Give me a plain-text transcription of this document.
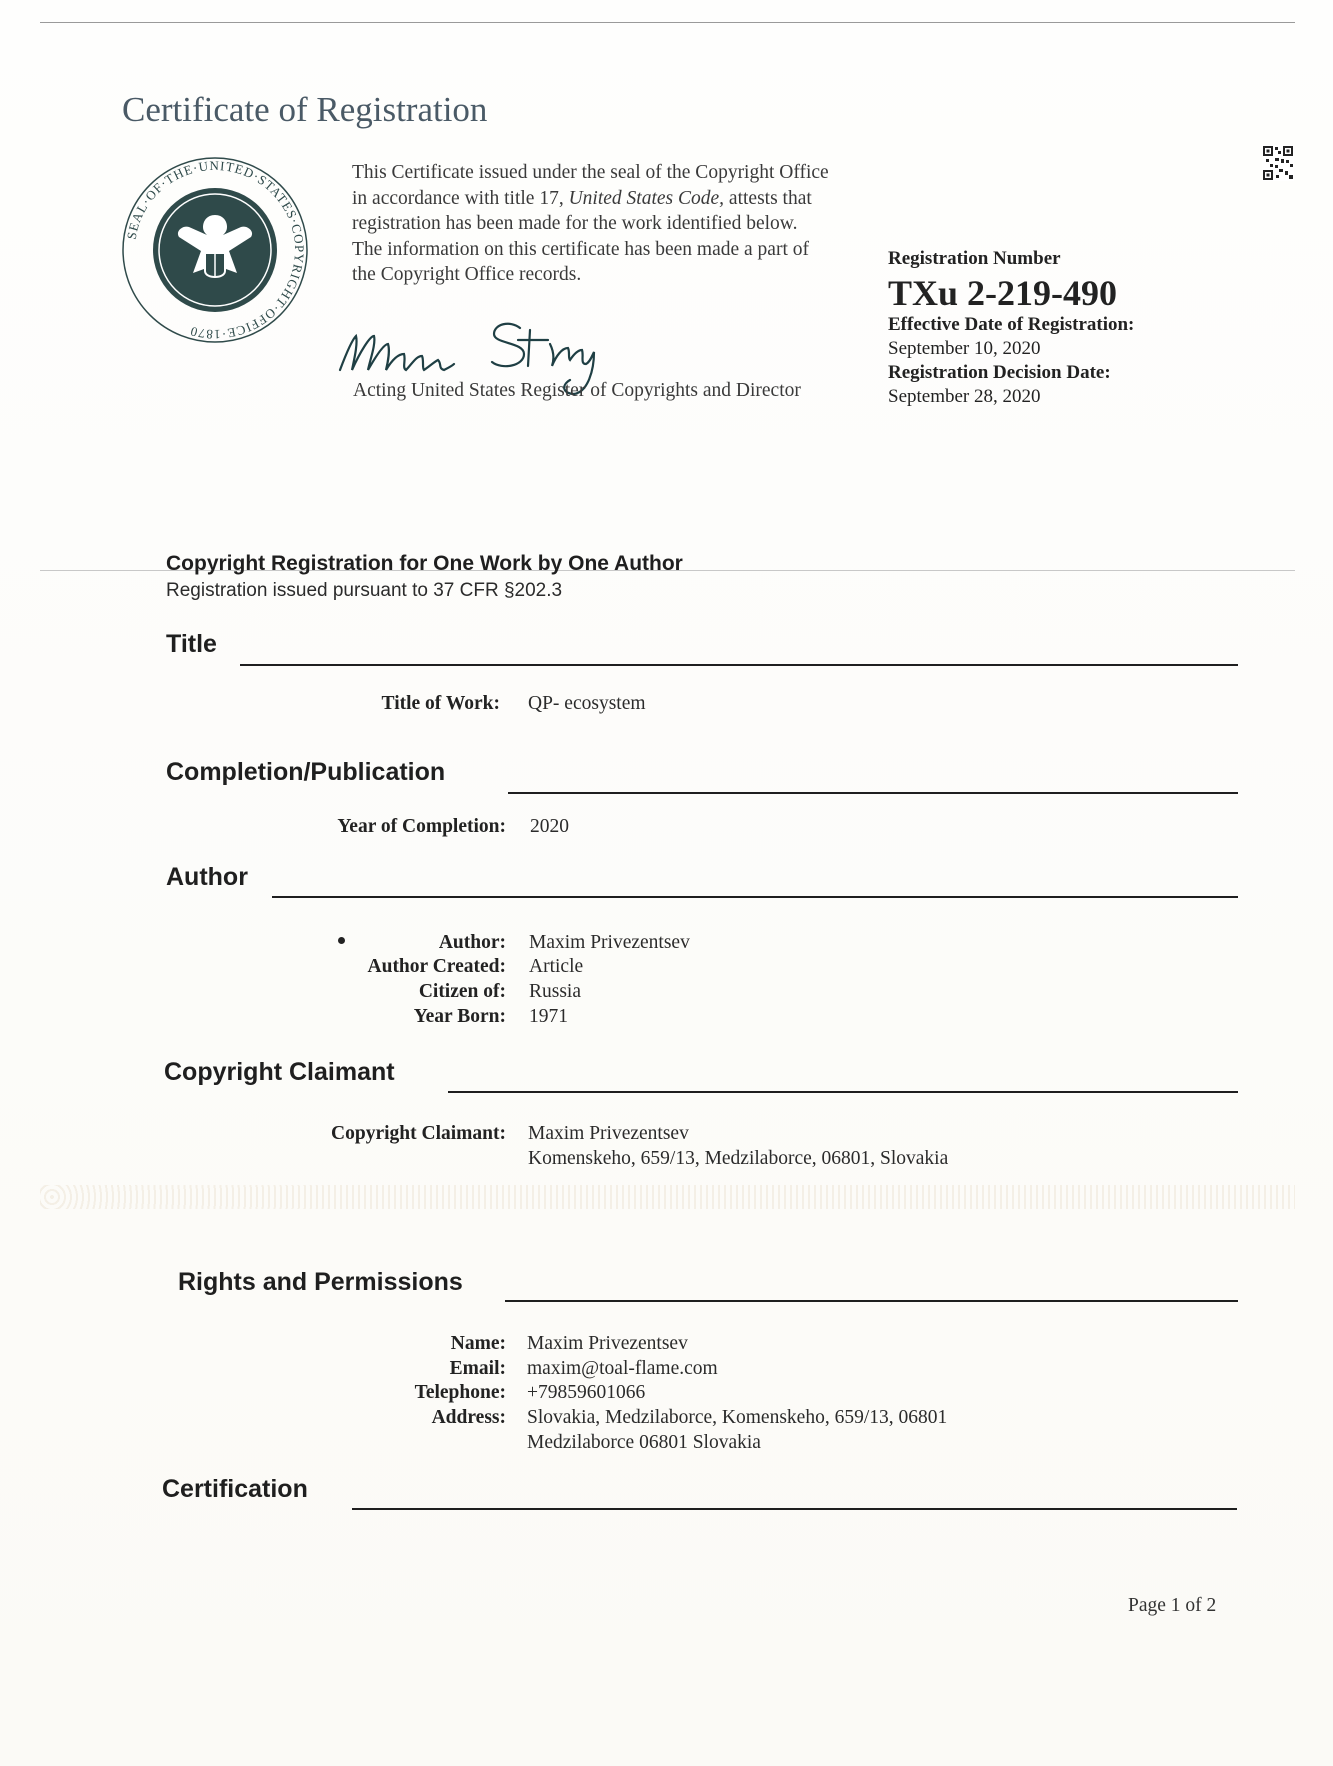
Certificate of Registration
SEAL·OF·THE·UNITED·STATES·COPYRIGHT·OFFICE·1870
This Certificate issued under the seal of the Copyright Office in accordance with title 17, United States Code, attests that registration has been made for the work identified below. The information on this certificate has been made a part of the Copyright Office records.
Acting United States Register of Copyrights and Director
Registration Number
TXu 2-219-490
Effective Date of Registration:
September 10, 2020
Registration Decision Date:
September 28, 2020
Copyright Registration for One Work by One Author
Registration issued pursuant to 37 CFR §202.3
Title
Title of Work: QP- ecosystem
Completion/Publication
Year of Completion: 2020
Author
Author: Maxim Privezentsev
Author Created: Article
Citizen of: Russia
Year Born: 1971
Copyright Claimant
Copyright Claimant: Maxim Privezentsev
Komenskeho, 659/13, Medzilaborce, 06801, Slovakia
Rights and Permissions
Name: Maxim Privezentsev
Email: maxim@toal-flame.com
Telephone: +79859601066
Address: Slovakia, Medzilaborce, Komenskeho, 659/13, 06801
Medzilaborce 06801 Slovakia
Certification
Page 1 of 2
